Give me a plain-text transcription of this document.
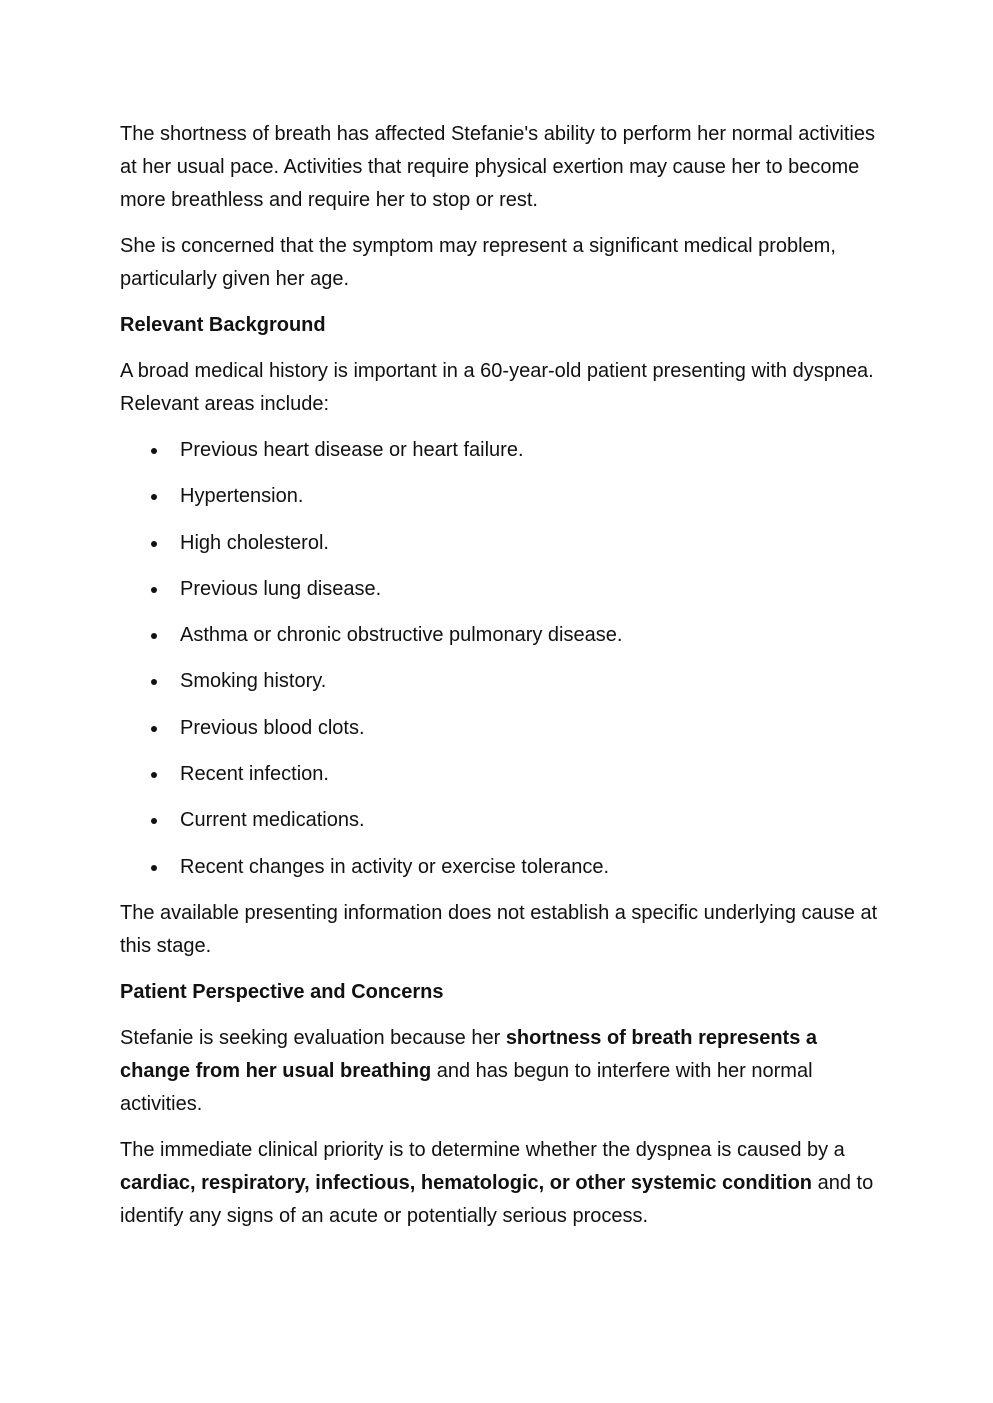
The shortness of breath has affected Stefanie's ability to perform her normal activities at her usual pace. Activities that require physical exertion may cause her to become more breathless and require her to stop or rest.

She is concerned that the symptom may represent a significant medical problem, particularly given her age.

Relevant Background

A broad medical history is important in a 60-year-old patient presenting with dyspnea. Relevant areas include:

Previous heart disease or heart failure.
Hypertension.
High cholesterol.
Previous lung disease.
Asthma or chronic obstructive pulmonary disease.
Smoking history.
Previous blood clots.
Recent infection.
Current medications.
Recent changes in activity or exercise tolerance.

The available presenting information does not establish a specific underlying cause at this stage.

Patient Perspective and Concerns

Stefanie is seeking evaluation because her shortness of breath represents a change from her usual breathing and has begun to interfere with her normal activities.

The immediate clinical priority is to determine whether the dyspnea is caused by a cardiac, respiratory, infectious, hematologic, or other systemic condition and to identify any signs of an acute or potentially serious process.
